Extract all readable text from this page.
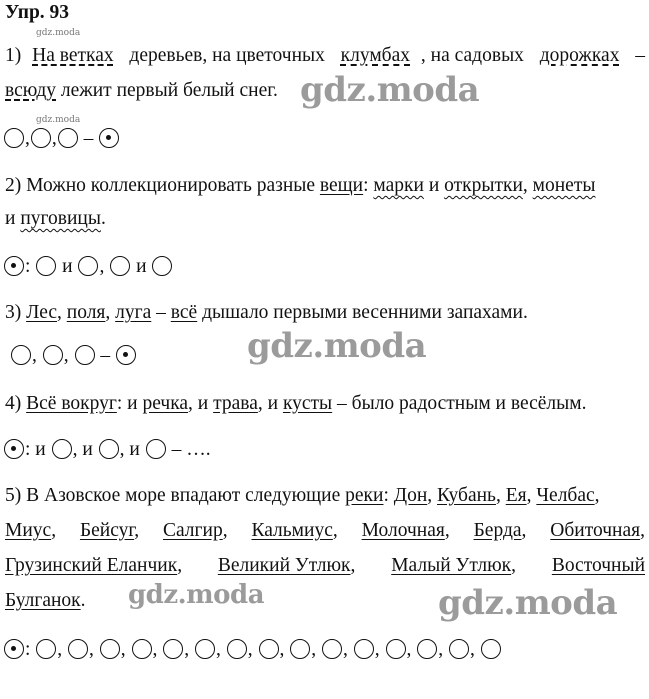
Упр. 93
gdz.moda
gdz.moda
1) На ветках деревьев, на цветочных клумбах , на садовых дорожках –
всюду лежит первый белый снег. gdz.moda
, , –
2) Можно коллекционировать разные вещи: марки и открытки, монеты
и пуговицы.
: и , и
3) Лес, поля, луга – всё дышало первыми весенними запахами.
, , –	gdz.moda
4) Всё вокруг: и речка, и трава, и кусты – было радостным и весёлым.
: и , и , и – ….
5) В Азовское море впадают следующие реки: Дон, Кубань, Ея, Челбас,
Миус, Бейсуг, Салгир, Кальмиус, Молочная, Берда, Обиточная,
Грузинский Еланчик, Великий Утлюк, Малый Утлюк, Восточный
Булганок. gdz.moda	gdz.moda
: , , , , , , , , , , , , , ,
